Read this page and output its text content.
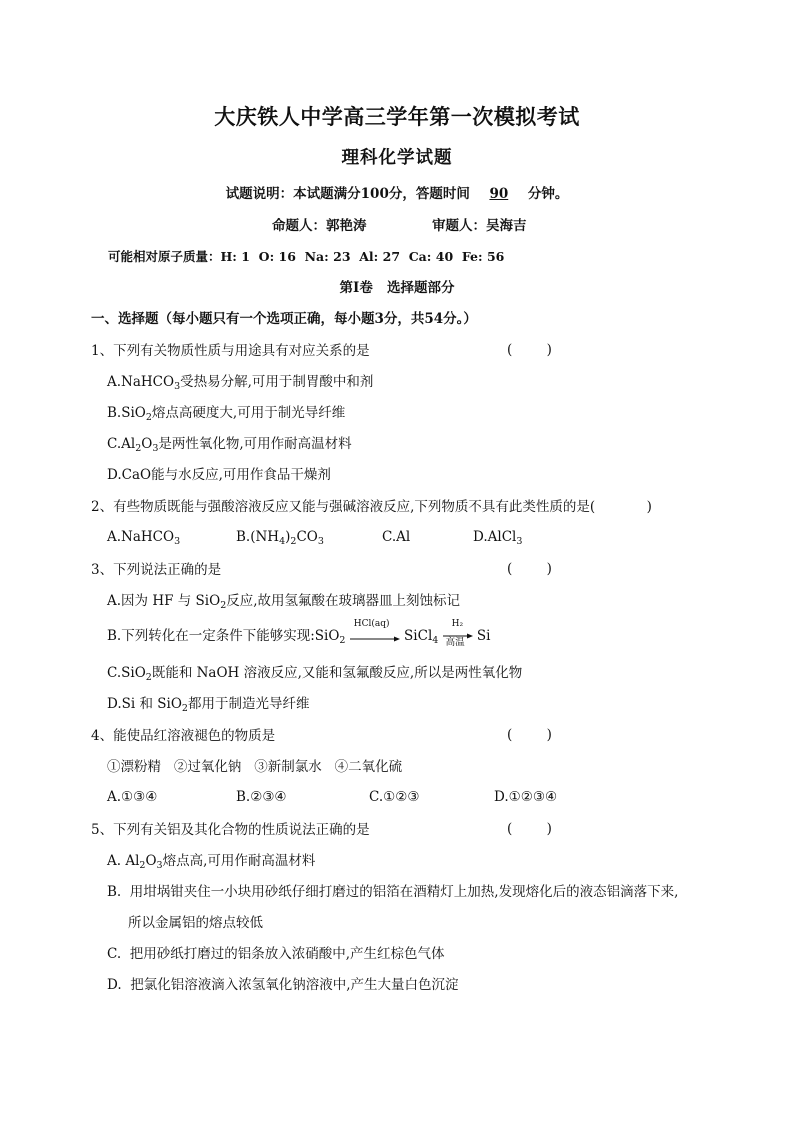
大庆铁人中学高三学年第一次模拟考试
理科化学试题
试题说明：本试题满分100分，答题时间 90 分钟。
命题人：郭艳涛	审题人：吴海吉
可能相对原子质量：H: 1  O: 16  Na: 23  Al: 27  Ca: 40  Fe: 56
第Ⅰ卷   选择题部分
一、选择题（每小题只有一个选项正确，每小题3分，共54分。）
1、下列有关物质性质与用途具有对应关系的是	(        )
A.NaHCO$_3$受热易分解,可用于制胃酸中和剂
B.SiO$_2$熔点高硬度大,可用于制光导纤维
$C.Al_2O_3$是两性氧化物,可用作耐高温材料
D.CaO能与水反应,可用作食品干燥剂
2、有些物质既能与强酸溶液反应又能与强碱溶液反应,下列物质不具有此类性质的是(            )
A.NaHCO$_3$	$B.(NH_4)_2CO_3$	C.Al	D.AlCl$_3$
3、下列说法正确的是	(        )
A.因为 HF 与 SiO$_2$反应,故用氢氟酸在玻璃器皿上刻蚀标记
B.下列转化在一定条件下能够实现:SiO$_2$
HCl(aq)
SiCl$_4$
H₂
高温 Si
C.SiO$_2$既能和 NaOH 溶液反应,又能和氢氟酸反应,所以是两性氧化物
D.Si 和 SiO$_2$都用于制造光导纤维
4、能使品红溶液褪色的物质是	(        )
①漂粉精   ②过氧化钠   ③新制氯水   ④二氧化硫
A.①③④	B.②③④	C.①②③	D.①②③④
5、下列有关铝及其化合物的性质说法正确的是	(        )
A. $Al_2O_3$熔点高,可用作耐高温材料
B.  用坩埚钳夹住一小块用砂纸仔细打磨过的铝箔在酒精灯上加热,发现熔化后的液态铝滴落下来,
所以金属铝的熔点较低
C.  把用砂纸打磨过的铝条放入浓硝酸中,产生红棕色气体
D.  把氯化铝溶液滴入浓氢氧化钠溶液中,产生大量白色沉淀
